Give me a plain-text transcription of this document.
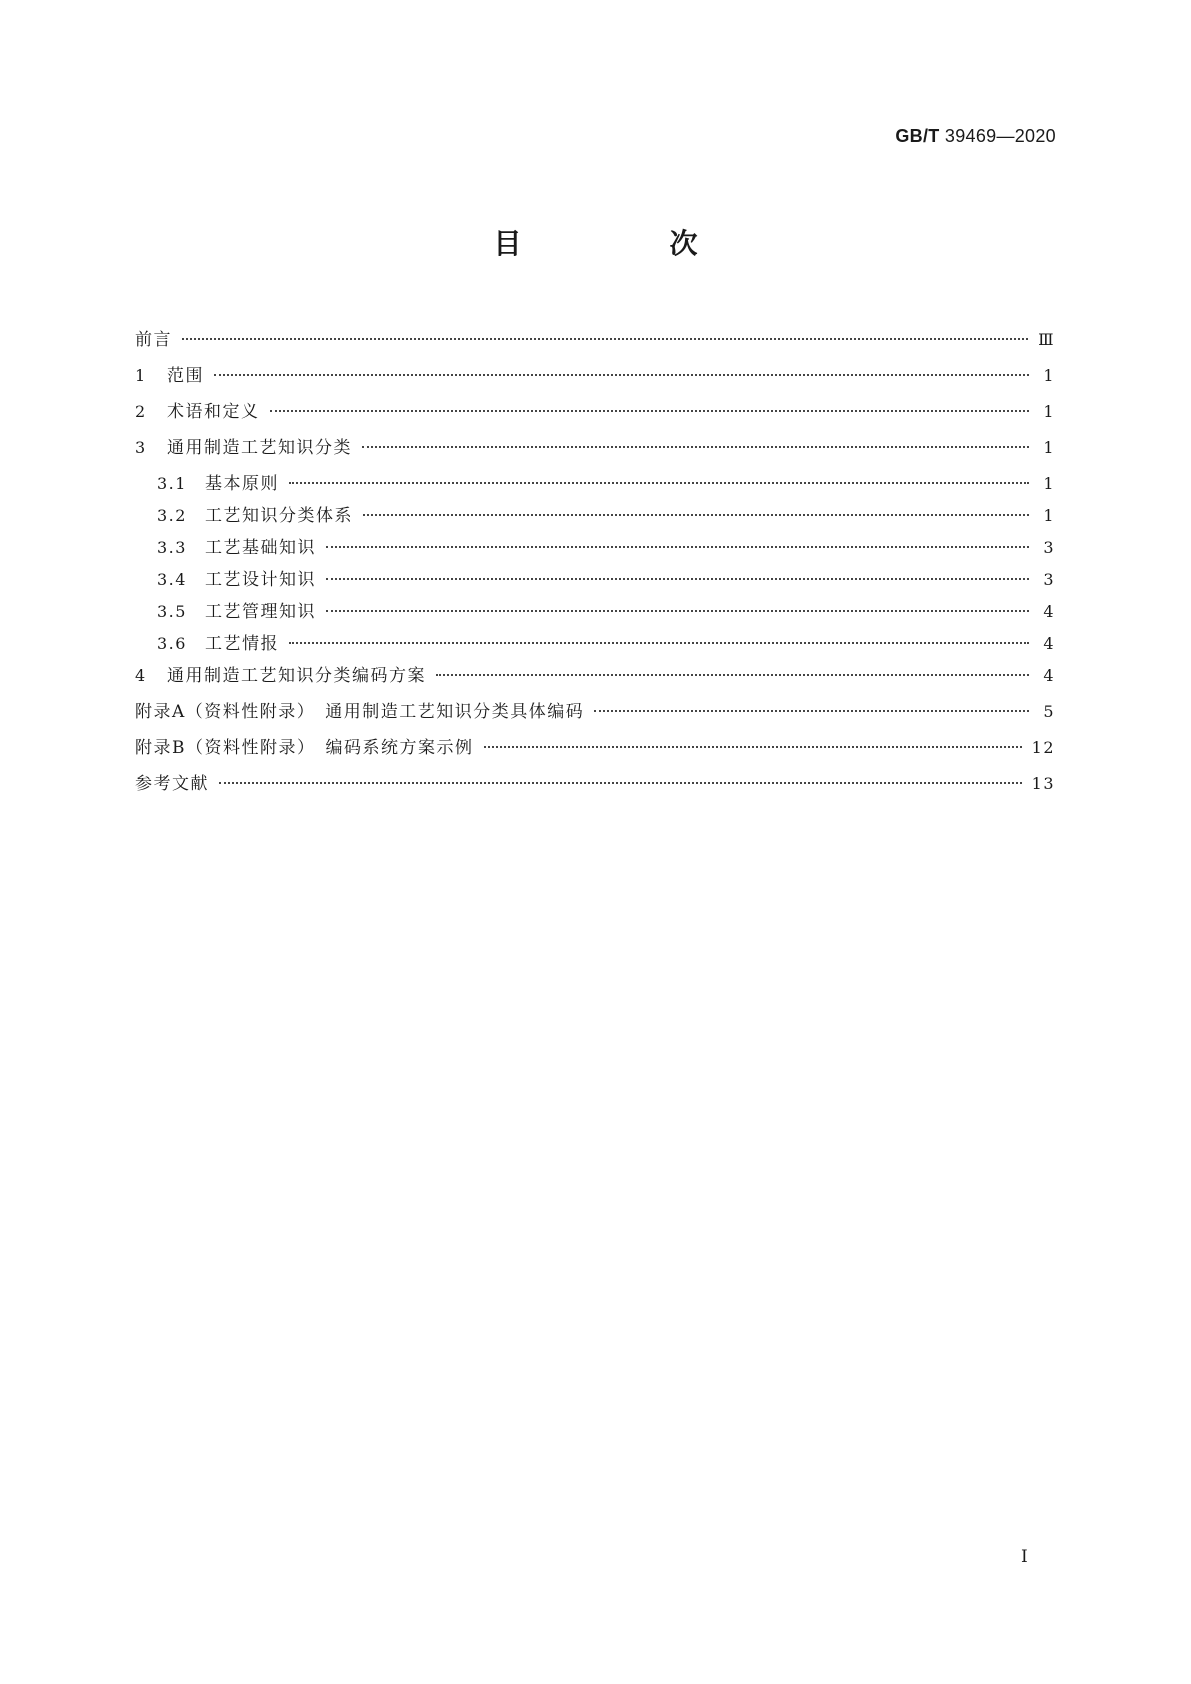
GB/T 39469—2020
目　次
前言	Ⅲ
1	范围	1
2	术语和定义	1
3	通用制造工艺知识分类	1
3.1	基本原则	1
3.2	工艺知识分类体系	1
3.3	工艺基础知识	3
3.4	工艺设计知识	3
3.5	工艺管理知识	4
3.6	工艺情报	4
4	通用制造工艺知识分类编码方案	4
附录A（资料性附录）　通用制造工艺知识分类具体编码	5
附录B（资料性附录）　编码系统方案示例	12
参考文献	13
I
